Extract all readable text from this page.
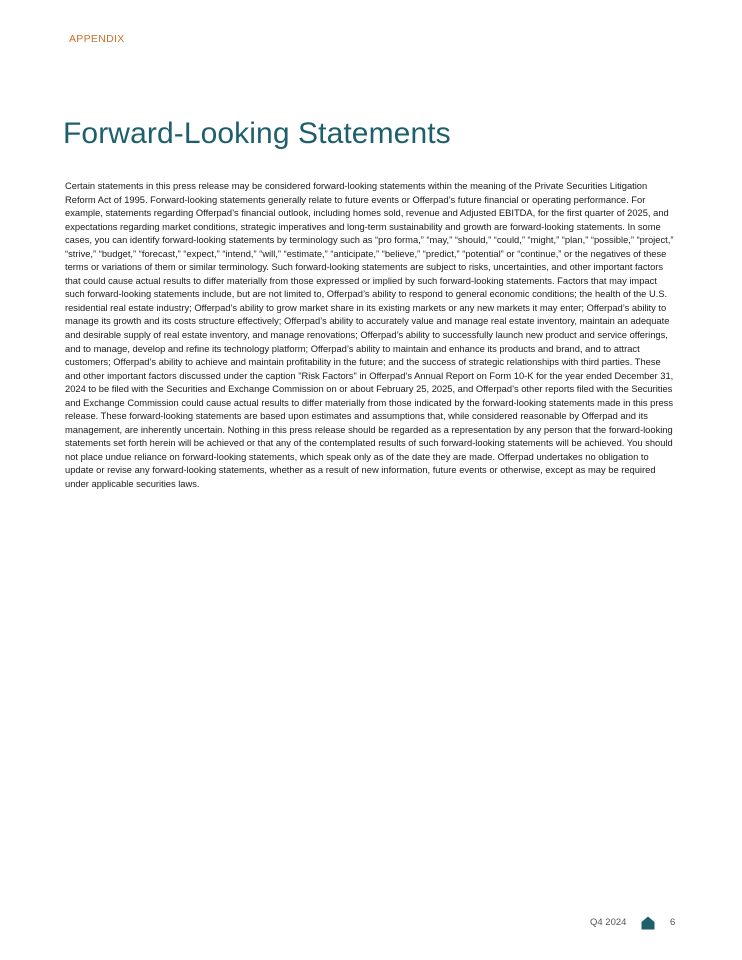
APPENDIX
Forward-Looking Statements

Certain statements in this press release may be considered forward-looking statements within the meaning of the Private Securities Litigation Reform Act of 1995. Forward-looking statements generally relate to future events or Offerpad’s future financial or operating performance. For example, statements regarding Offerpad’s financial outlook, including homes sold, revenue and Adjusted EBITDA, for the first quarter of 2025, and expectations regarding market conditions, strategic imperatives and long-term sustainability and growth are forward-looking statements. In some cases, you can identify forward-looking statements by terminology such as “pro forma,” “may,” “should,” “could,” “might,” “plan,” “possible,” “project,” “strive,” “budget,” “forecast,” “expect,” “intend,” “will,” “estimate,” “anticipate,” “believe,” “predict,” “potential” or “continue,” or the negatives of these terms or variations of them or similar terminology. Such forward-looking statements are subject to risks, uncertainties, and other important factors that could cause actual results to differ materially from those expressed or implied by such forward-looking statements. Factors that may impact such forward-looking statements include, but are not limited to, Offerpad’s ability to respond to general economic conditions; the health of the U.S. residential real estate industry; Offerpad’s ability to grow market share in its existing markets or any new markets it may enter; Offerpad’s ability to manage its growth and its costs structure effectively; Offerpad’s ability to accurately value and manage real estate inventory, maintain an adequate and desirable supply of real estate inventory, and manage renovations; Offerpad’s ability to successfully launch new product and service offerings, and to manage, develop and refine its technology platform; Offerpad’s ability to maintain and enhance its products and brand, and to attract customers; Offerpad’s ability to achieve and maintain profitability in the future; and the success of strategic relationships with third parties. These and other important factors discussed under the caption "Risk Factors" in Offerpad’s Annual Report on Form 10-K for the year ended December 31, 2024 to be filed with the Securities and Exchange Commission on or about February 25, 2025, and Offerpad’s other reports filed with the Securities and Exchange Commission could cause actual results to differ materially from those indicated by the forward-looking statements made in this press release. These forward-looking statements are based upon estimates and assumptions that, while considered reasonable by Offerpad and its management, are inherently uncertain. Nothing in this press release should be regarded as a representation by any person that the forward-looking statements set forth herein will be achieved or that any of the contemplated results of such forward-looking statements will be achieved. You should not place undue reliance on forward-looking statements, which speak only as of the date they are made. Offerpad undertakes no obligation to update or revise any forward-looking statements, whether as a result of new information, future events or otherwise, except as may be required under applicable securities laws.

Q4 2024	6
